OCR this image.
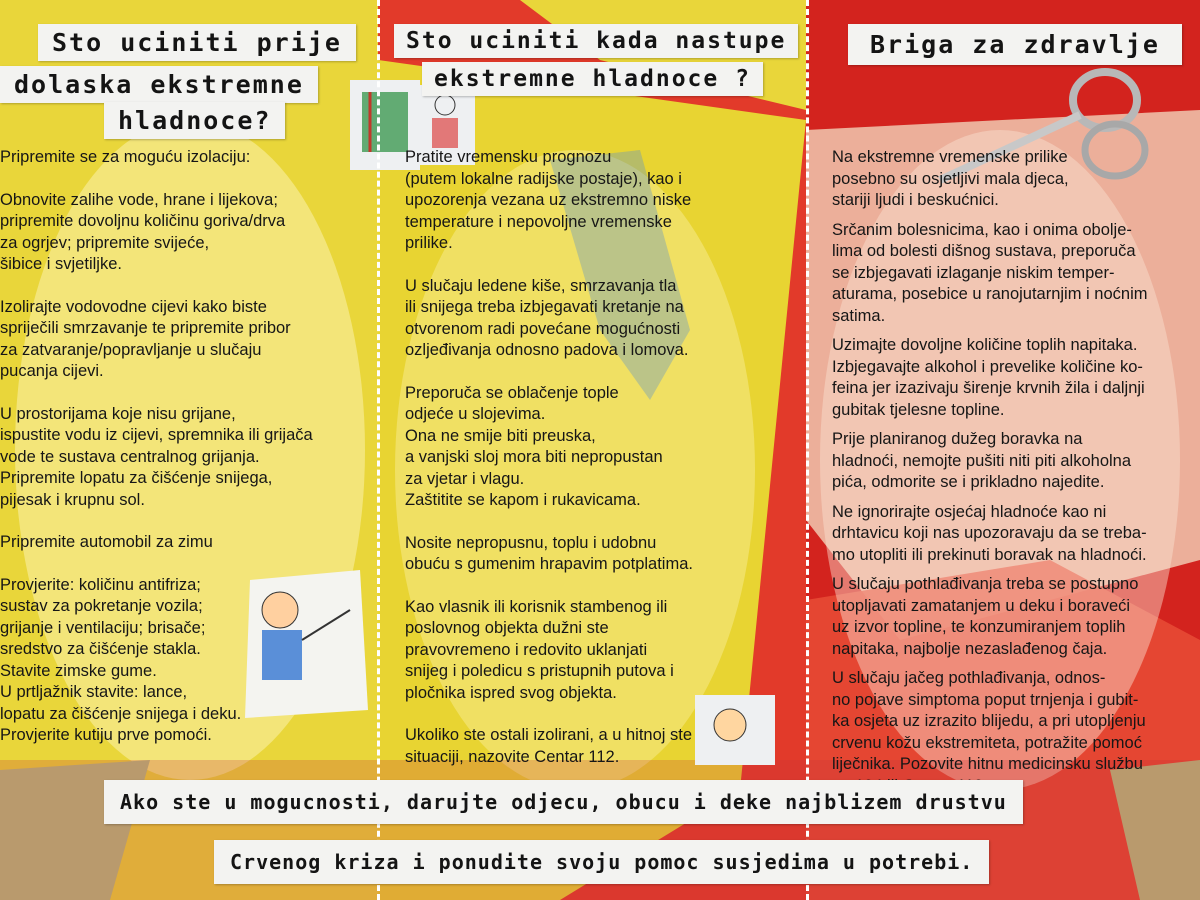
Sto uciniti prije
dolaska ekstremne
hladnoce?
Sto uciniti kada nastupe
ekstremne hladnoce ?
Briga za zdravlje

Pripremite se za moguću izolaciju:

Obnovite zalihe vode, hrane i lijekova;
pripremite dovoljnu količinu goriva/drva
za ogrjev; pripremite svijeće,
šibice i svjetiljke.

Izolirajte vodovodne cijevi kako biste
spriječili smrzavanje te pripremite pribor
za zatvaranje/popravljanje u slučaju
pucanja cijevi.

U prostorijama koje nisu grijane,
ispustite vodu iz cijevi, spremnika ili grijača
vode te sustava centralnog grijanja.
Pripremite lopatu za čišćenje snijega,
pijesak i krupnu sol.

Pripremite automobil za zimu

Provjerite: količinu antifriza;
sustav za pokretanje vozila;
grijanje i ventilaciju; brisače;
sredstvo za čišćenje stakla.
Stavite zimske gume.
U prtljažnik stavite: lance,
lopatu za čišćenje snijega i deku.
Provjerite kutiju prve pomoći.

Pratite vremensku prognozu
(putem lokalne radijske postaje), kao i
upozorenja vezana uz ekstremno niske
temperature i nepovoljne vremenske
prilike.

U slučaju ledene kiše, smrzavanja tla
ili snijega treba izbjegavati kretanje na
otvorenom radi povećane mogućnosti
ozljeđivanja odnosno padova i lomova.

Preporuča se oblačenje tople
odjeće u slojevima.
Ona ne smije biti preuska,
a vanjski sloj mora biti nepropustan
za vjetar i vlagu.
Zaštitite se kapom i rukavicama.

Nosite nepropusnu, toplu i udobnu
obuću s gumenim hrapavim potplatima.

Kao vlasnik ili korisnik stambenog ili
poslovnog objekta dužni ste
pravovremeno i redovito uklanjati
snijeg i poledicu s pristupnih putova i
pločnika ispred svog objekta.

Ukoliko ste ostali izolirani, a u hitnoj ste
situaciji, nazovite Centar 112.

Na ekstremne vremenske prilike
posebno su osjetljivi mala djeca,
stariji ljudi i beskućnici.

Srčanim bolesnicima, kao i onima obolje-
lima od bolesti dišnog sustava, preporuča
se izbjegavati izlaganje niskim temper-
aturama, posebice u ranojutarnjim i noćnim
satima.

Uzimajte dovoljne količine toplih napitaka.
Izbjegavajte alkohol i prevelike količine ko-
feina jer izazivaju širenje krvnih žila i daljnji
gubitak tjelesne topline.

Prije planiranog dužeg boravka na
hladnoći, nemojte pušiti niti piti alkoholna
pića, odmorite se i prikladno najedite.

Ne ignorirajte osjećaj hladnoće kao ni
drhtavicu koji nas upozoravaju da se treba-
mo utopliti ili prekinuti boravak na hladnoći.

U slučaju pothlađivanja treba se postupno
utopljavati zamatanjem u deku i boraveći
uz izvor topline, te konzumiranjem toplih
napitaka, najbolje nezaslađenog čaja.

U slučaju jačeg pothlađivanja, odnos-
no pojave simptoma poput trnjenja i gubit-
ka osjeta uz izrazito blijedu, a pri utopljenju
crvenu kožu ekstremiteta, potražite pomoć
liječnika. Pozovite hitnu medicinsku službu

Ako ste u mogucnosti, darujte odjecu, obucu i deke najblizem drustvu
Crvenog kriza i ponudite svoju pomoc susjedima u potrebi.
